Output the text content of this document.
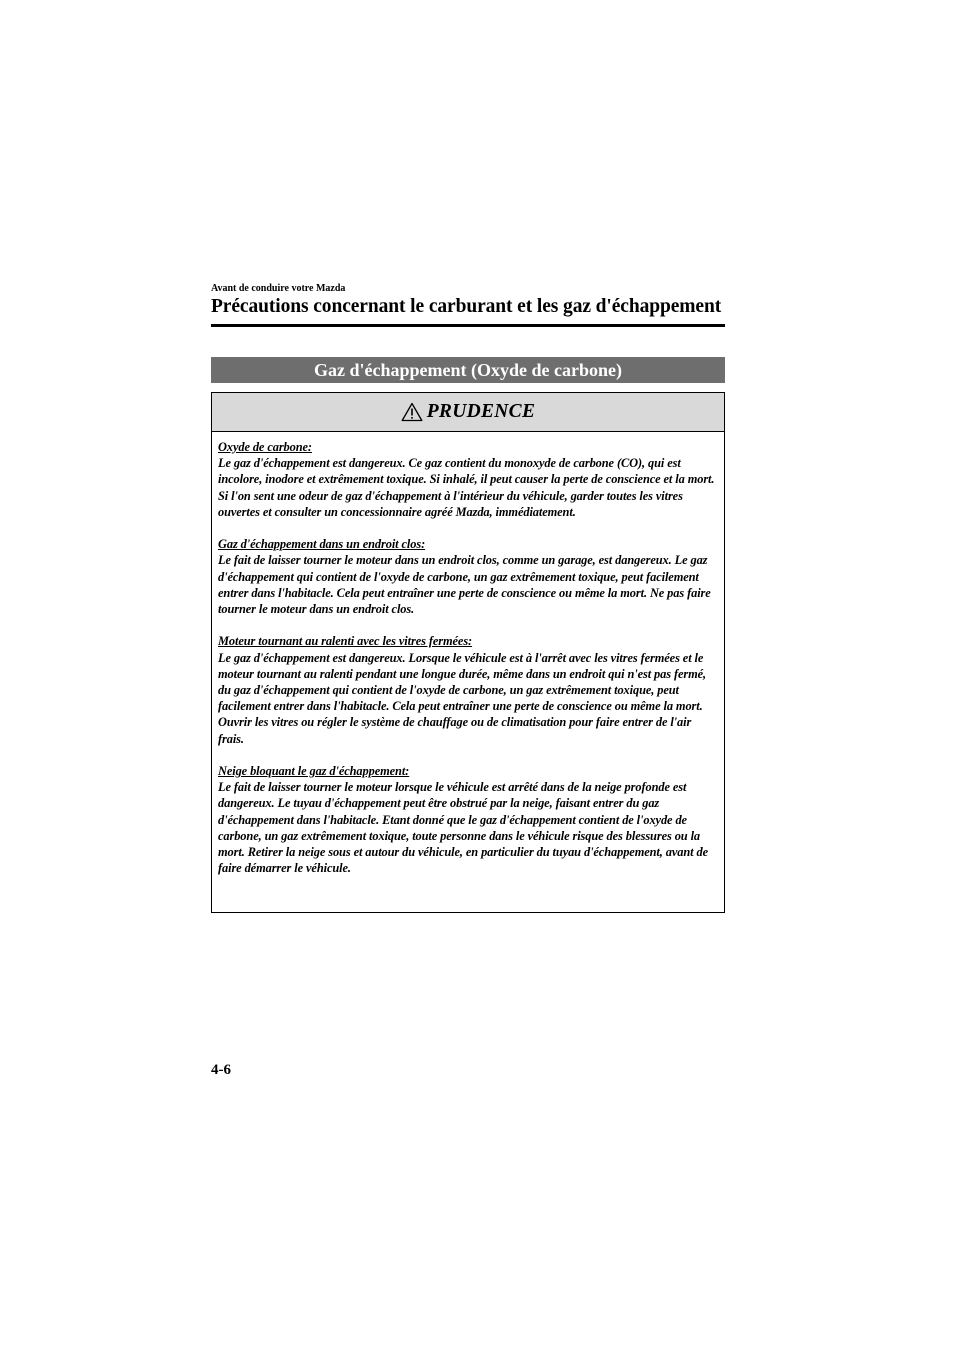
Avant de conduire votre Mazda
Précautions concernant le carburant et les gaz d'échappement
Gaz d'échappement (Oxyde de carbone)
PRUDENCE

Oxyde de carbone:
Le gaz d'échappement est dangereux. Ce gaz contient du monoxyde de carbone (CO), qui est incolore, inodore et extrêmement toxique. Si inhalé, il peut causer la perte de conscience et la mort. Si l'on sent une odeur de gaz d'échappement à l'intérieur du véhicule, garder toutes les vitres ouvertes et consulter un concessionnaire agréé Mazda, immédiatement.

Gaz d'échappement dans un endroit clos:
Le fait de laisser tourner le moteur dans un endroit clos, comme un garage, est dangereux. Le gaz d'échappement qui contient de l'oxyde de carbone, un gaz extrêmement toxique, peut facilement entrer dans l'habitacle. Cela peut entraîner une perte de conscience ou même la mort. Ne pas faire tourner le moteur dans un endroit clos.

Moteur tournant au ralenti avec les vitres fermées:
Le gaz d'échappement est dangereux. Lorsque le véhicule est à l'arrêt avec les vitres fermées et le moteur tournant au ralenti pendant une longue durée, même dans un endroit qui n'est pas fermé, du gaz d'échappement qui contient de l'oxyde de carbone, un gaz extrêmement toxique, peut facilement entrer dans l'habitacle. Cela peut entraîner une perte de conscience ou même la mort. Ouvrir les vitres ou régler le système de chauffage ou de climatisation pour faire entrer de l'air frais.

Neige bloquant le gaz d'échappement:
Le fait de laisser tourner le moteur lorsque le véhicule est arrêté dans de la neige profonde est dangereux. Le tuyau d'échappement peut être obstrué par la neige, faisant entrer du gaz d'échappement dans l'habitacle. Etant donné que le gaz d'échappement contient de l'oxyde de carbone, un gaz extrêmement toxique, toute personne dans le véhicule risque des blessures ou la mort. Retirer la neige sous et autour du véhicule, en particulier du tuyau d'échappement, avant de faire démarrer le véhicule.

4-6
